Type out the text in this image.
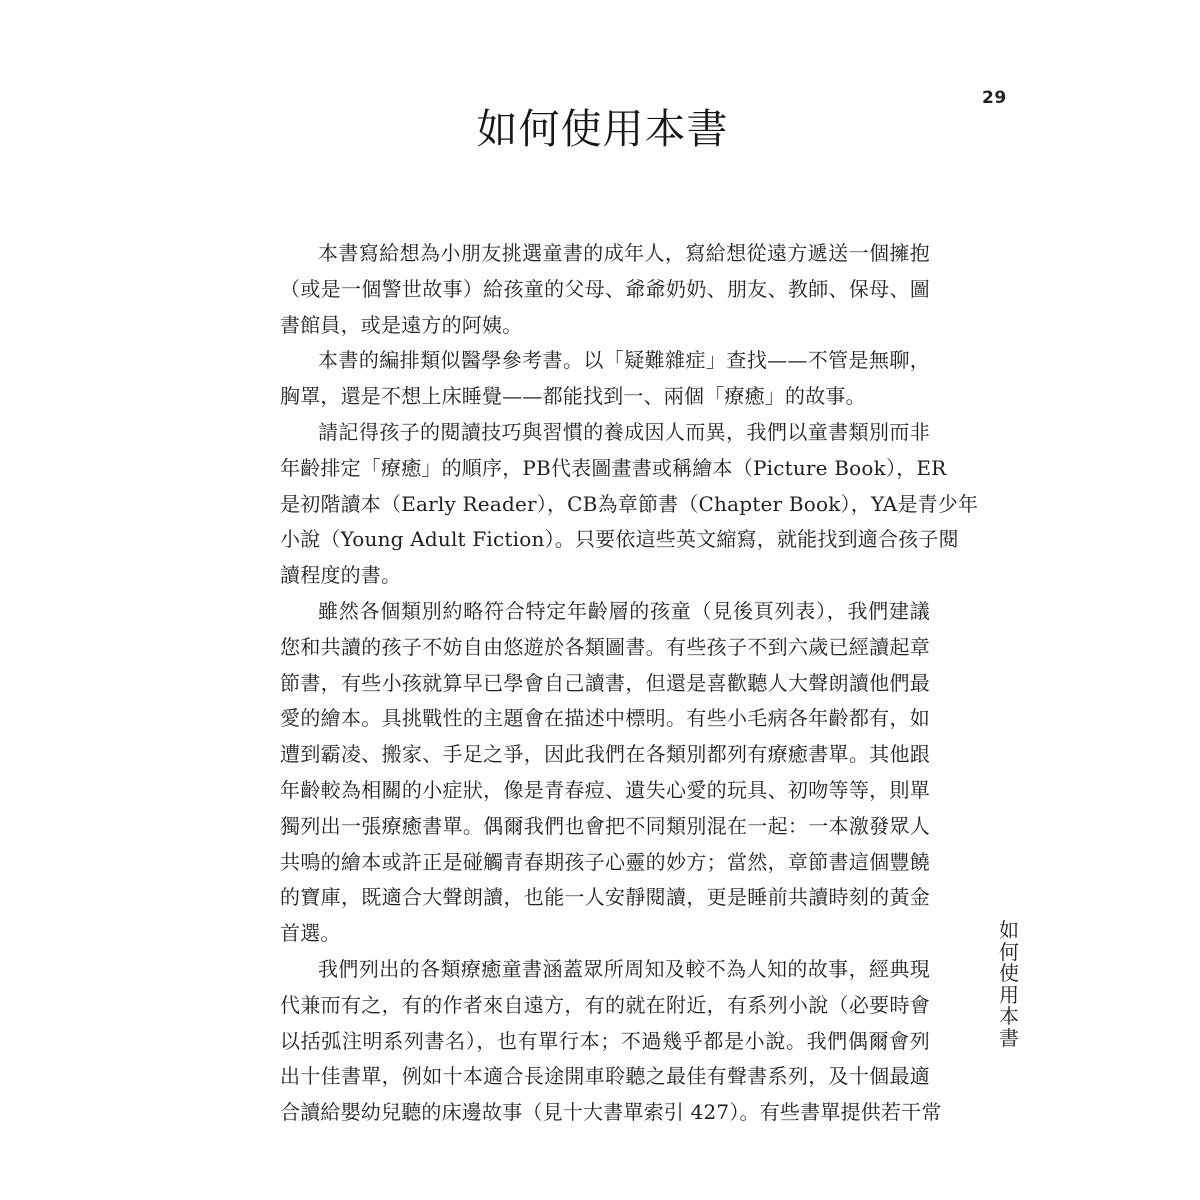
29
如何使用本書
本書寫給想為小朋友挑選童書的成年人，寫給想從遠方遞送一個擁抱
（或是一個警世故事）給孩童的父母、爺爺奶奶、朋友、教師、保母、圖
書館員，或是遠方的阿姨。
本書的編排類似醫學參考書。以「疑難雜症」查找——不管是無聊，
胸罩，還是不想上床睡覺——都能找到一、兩個「療癒」的故事。
請記得孩子的閱讀技巧與習慣的養成因人而異，我們以童書類別而非
年齡排定「療癒」的順序，PB代表圖畫書或稱繪本（Picture Book），ER
是初階讀本（Early Reader），CB為章節書（Chapter Book），YA是青少年
小說（Young Adult Fiction）。只要依這些英文縮寫，就能找到適合孩子閱
讀程度的書。
雖然各個類別約略符合特定年齡層的孩童（見後頁列表），我們建議
您和共讀的孩子不妨自由悠遊於各類圖書。有些孩子不到六歲已經讀起章
節書，有些小孩就算早已學會自己讀書，但還是喜歡聽人大聲朗讀他們最
愛的繪本。具挑戰性的主題會在描述中標明。有些小毛病各年齡都有，如
遭到霸凌、搬家、手足之爭，因此我們在各類別都列有療癒書單。其他跟
年齡較為相關的小症狀，像是青春痘、遺失心愛的玩具、初吻等等，則單
獨列出一張療癒書單。偶爾我們也會把不同類別混在一起：一本激發眾人
共鳴的繪本或許正是碰觸青春期孩子心靈的妙方；當然，章節書這個豐饒
的寶庫，既適合大聲朗讀，也能一人安靜閱讀，更是睡前共讀時刻的黃金
首選。
我們列出的各類療癒童書涵蓋眾所周知及較不為人知的故事，經典現
代兼而有之，有的作者來自遠方，有的就在附近，有系列小說（必要時會
以括弧注明系列書名），也有單行本；不過幾乎都是小說。我們偶爾會列
出十佳書單，例如十本適合長途開車聆聽之最佳有聲書系列，及十個最適
合讀給嬰幼兒聽的床邊故事（見十大書單索引 427）。有些書單提供若干常
如
何
使
用
本
書
